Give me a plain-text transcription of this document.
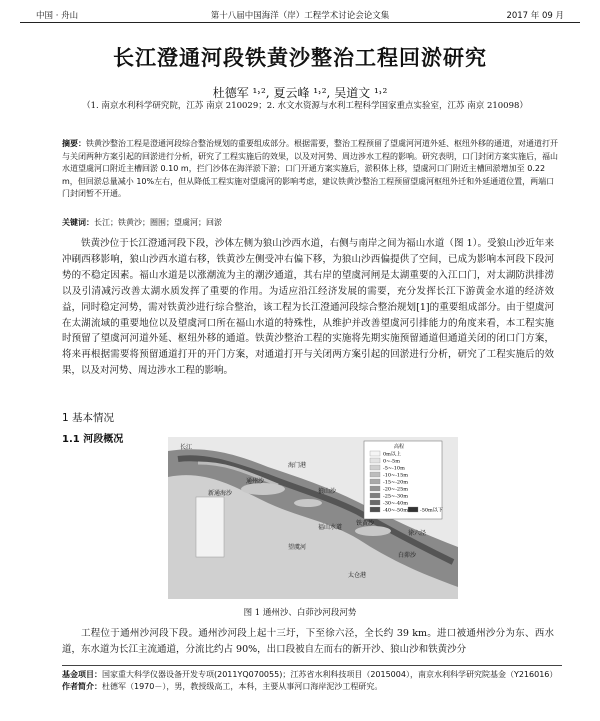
中国 · 舟山	第十八届中国海洋（岸）工程学术讨论会论文集	2017 年 09 月
长江澄通河段铁黄沙整治工程回淤研究
杜德军 ¹˒², 夏云峰 ¹˒², 吴道文 ¹˒²
（1. 南京水利科学研究院，江苏 南京 210029；2. 水文水资源与水利工程科学国家重点实验室，江苏 南京 210098）
摘要：铁黄沙整治工程是澄通河段综合整治规划的重要组成部分。根据需要，整治工程预留了望虞河河道外延、枢纽外移的通道，对通道打开与关闭两种方案引起的回淤进行分析，研究了工程实施后的效果，以及对河势、周边涉水工程的影响。研究表明，口门封闭方案实施后，福山水道望虞河口附近主槽回淤 0.10 m，拦门沙体在海洋淤下游；口门开通方案实施后，淤积体上移，望虞河口门附近主槽回淤增加至 0.22 m，但回淤总量减小 10%左右，但从降低工程实施对望虞河的影响考虑，建议铁黄沙整治工程预留望虞河枢纽外迁和外延通道位置，两端口门封闭暂不开通。
关键词：长江；铁黄沙；圈围；望虞河；回淤
铁黄沙位于长江澄通河段下段，沙体左侧为狼山沙西水道，右侧与南岸之间为福山水道（图 1）。受狼山沙近年来冲刷西移影响，狼山沙西水道右移，铁黄沙左侧受冲右偏下移，为狼山沙西偏提供了空间，已成为影响本河段下段河势的不稳定因素。福山水道是以涨潮流为主的潮汐通道，其右岸的望虞河闸是太湖重要的入江口门，对太湖防洪排涝以及引清减污改善太湖水质发挥了重要的作用。为适应沿江经济发展的需要，充分发挥长江下游黄金水道的经济效益，同时稳定河势，需对铁黄沙进行综合整治，该工程为长江澄通河段综合整治规划[1]的重要组成部分。由于望虞河在太湖流域的重要地位以及望虞河口所在福山水道的特殊性，从维护并改善望虞河引排能力的角度来看，本工程实施时预留了望虞河河道外延、枢纽外移的通道。铁黄沙整治工程的实施将先期实施预留通道但通道关闭的闭口门方案，将来再根据需要将预留通道打开的开门方案，对通道打开与关闭两方案引起的回淤进行分析，研究了工程实施后的效果，以及对河势、周边涉水工程的影响。
1 基本情况
1.1 河段概况
高程
0m以上
0~-5m
-5~-10m
-10~-15m
-15~-20m
-20~-25m
-25~-30m
-30~-40m
-40~-50m -50m以下
长江
海门港
狼山沙
通州沙
福山水道
铁黄沙
望虞河
白茆沙
徐六泾
新通海沙
太仓港
图 1 通州沙、白茆沙河段河势
工程位于通州沙河段下段。通州沙河段上起十三圩，下至徐六泾，全长约 39 km。进口被通州沙分为东、西水道，东水道为长江主流通道，分流比约占 90%，出口段被自左而右的新开沙、狼山沙和铁黄沙分
基金项目：国家重大科学仪器设备开发专项(2011YQ070055)；江苏省水利科技项目（2015004），南京水利科学研究院基金（Y216016）
作者简介：杜德军（1970－），男，教授级高工，本科，主要从事河口海岸泥沙工程研究。
